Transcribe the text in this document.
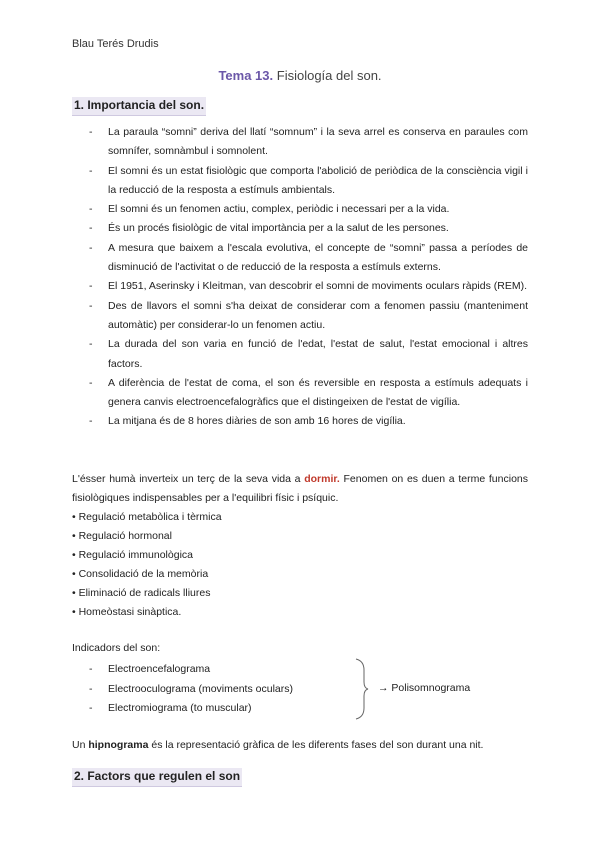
Blau Terés Drudis
Tema 13. Fisiología del son.
1. Importancia del son.
- La paraula “somni” deriva del llatí “somnum” i la seva arrel es conserva en paraules com somnífer, somnàmbul i somnolent.
- El somni és un estat fisiològic que comporta l'abolició de periòdica de la consciència vigil i la reducció de la resposta a estímuls ambientals.
- El somni és un fenomen actiu, complex, periòdic i necessari per a la vida.
- És un procés fisiològic de vital importància per a la salut de les persones.
- A mesura que baixem a l'escala evolutiva, el concepte de “somni” passa a períodes de disminució de l'activitat o de reducció de la resposta a estímuls externs.
- El 1951, Aserinsky i Kleitman, van descobrir el somni de moviments oculars ràpids (REM).
- Des de llavors el somni s'ha deixat de considerar com a fenomen passiu (manteniment automàtic) per considerar-lo un fenomen actiu.
- La durada del son varia en funció de l'edat, l'estat de salut, l'estat emocional i altres factors.
- A diferència de l'estat de coma, el son és reversible en resposta a estímuls adequats i genera canvis electroencefalogràfics que el distingeixen de l'estat de vigília.
- La mitjana és de 8 hores diàries de son amb 16 hores de vigília.

L'ésser humà inverteix un terç de la seva vida a dormir. Fenomen on es duen a terme funcions fisiològiques indispensables per a l'equilibri físic i psíquic.

• Regulació metabòlica i tèrmica
• Regulació hormonal
• Regulació immunològica
• Consolidació de la memòria
• Eliminació de radicals lliures
• Homeòstasi sinàptica.
Indicadors del son:
- Electroencefalograma
- Electrooculograma (moviments oculars)
- Electromiograma (to muscular)
→ Polisomnograma
Un hipnograma és la representació gràfica de les diferents fases del son durant una nit.
2. Factors que regulen el son
